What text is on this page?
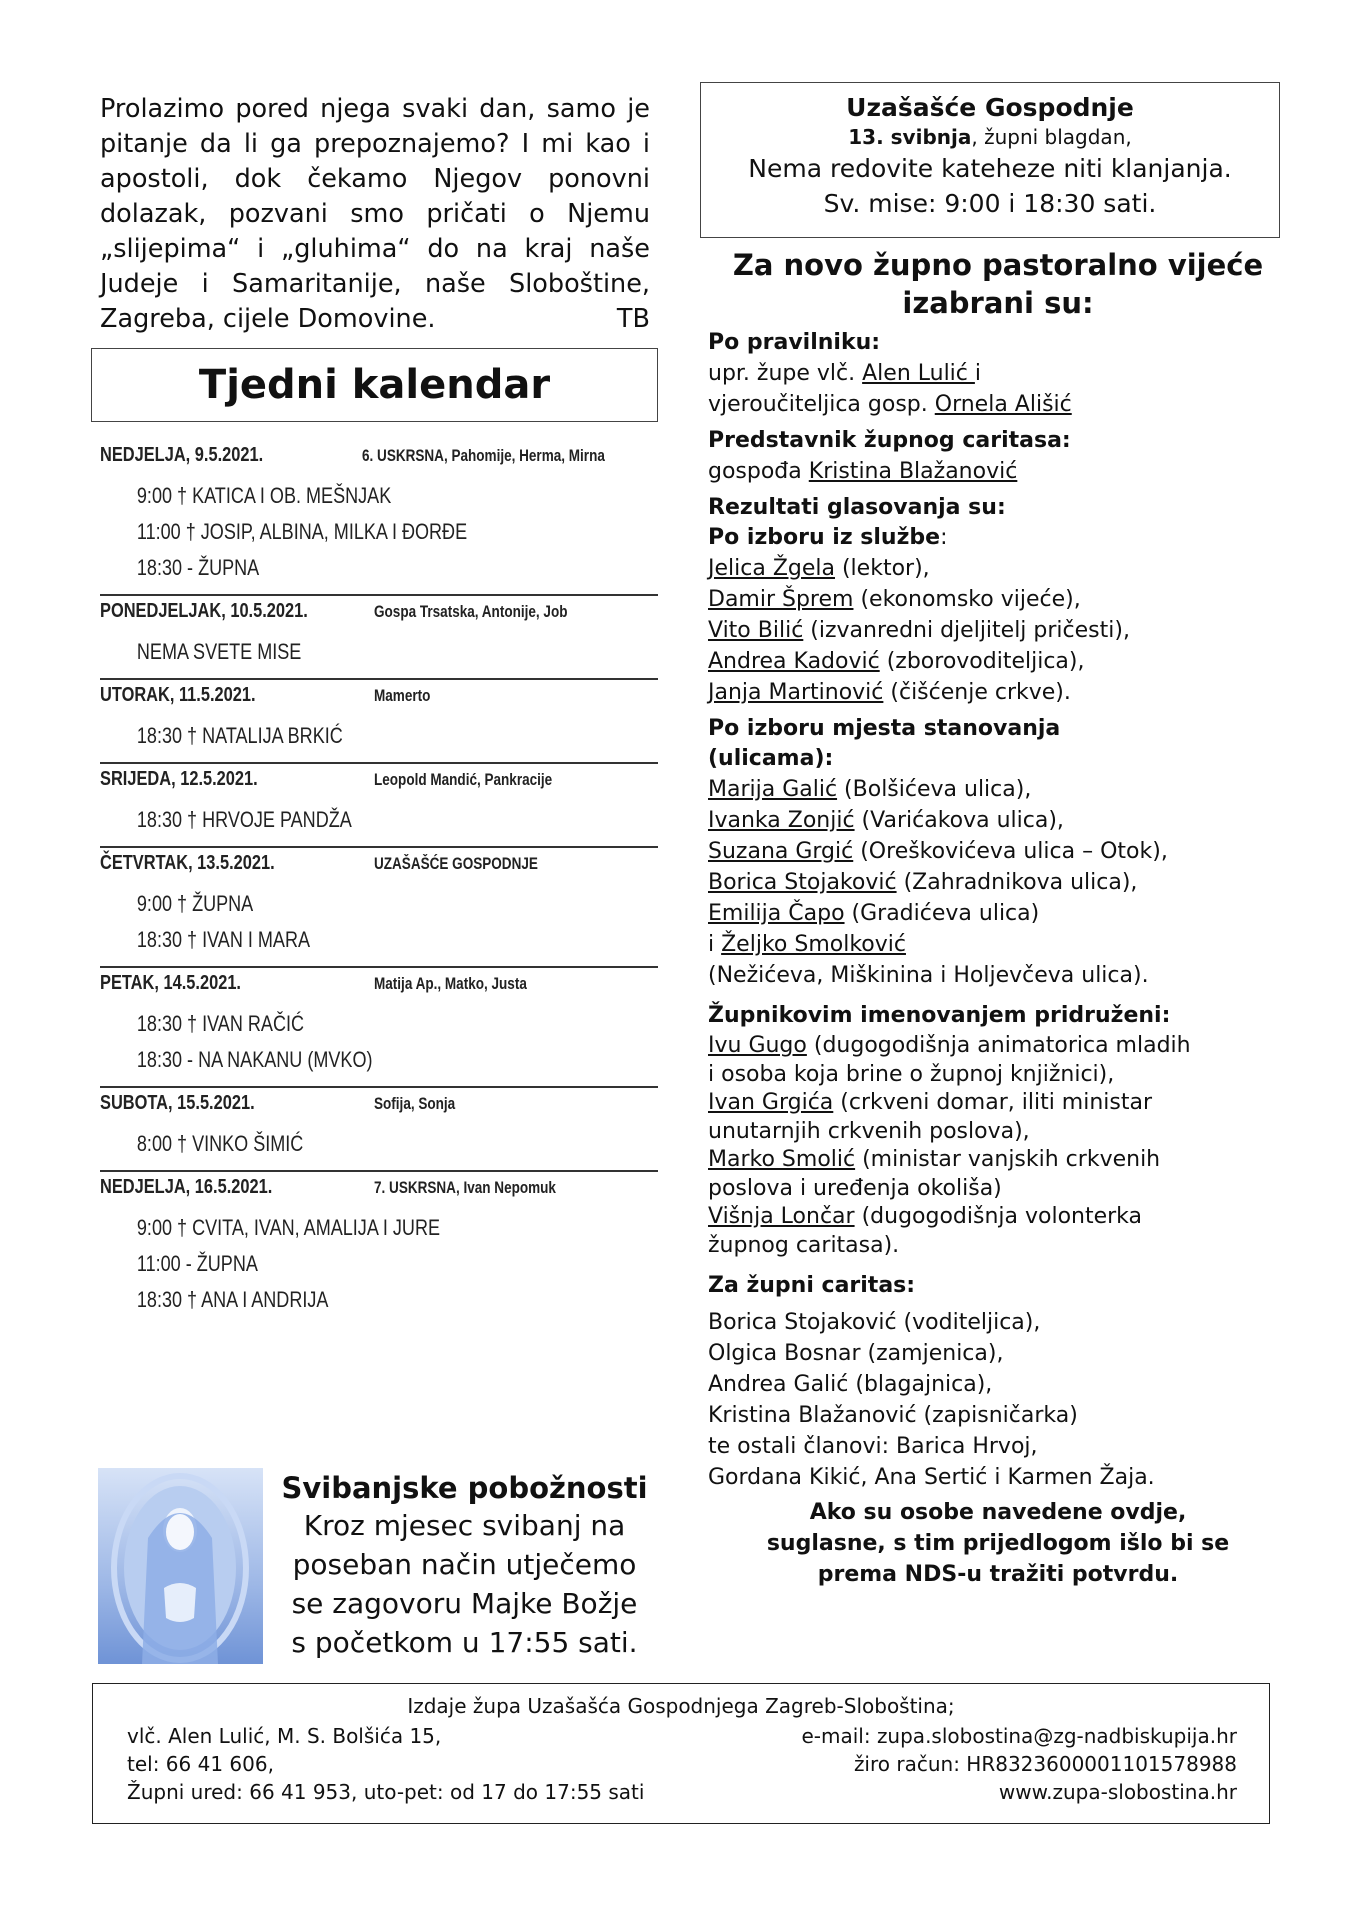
Prolazimo pored njega svaki dan, samo je pitanje da li ga prepoznajemo? I mi kao i apostoli, dok čekamo Njegov ponovni dolazak, pozvani smo pričati o Njemu „slijepima“ i „gluhima“ do na kraj naše Judeje i Samaritanije, naše Sloboštine, Zagreba, cijele Domovine.	TB
Tjedni kalendar
NEDJELJA, 9.5.2021.	6. USKRSNA, Pahomije, Herma, Mirna
9:00 † KATICA I OB. MEŠNJAK
11:00 † JOSIP, ALBINA, MILKA I ĐORĐE
18:30 - ŽUPNA
PONEDJELJAK, 10.5.2021.	Gospa Trsatska, Antonije, Job
NEMA SVETE MISE
UTORAK, 11.5.2021.	Mamerto
18:30 † NATALIJA BRKIĆ
SRIJEDA, 12.5.2021.	Leopold Mandić, Pankracije
18:30 † HRVOJE PANDŽA
ČETVRTAK, 13.5.2021.	UZAŠAŠĆE GOSPODNJE
9:00 † ŽUPNA
18:30 † IVAN I MARA
PETAK, 14.5.2021.	Matija Ap., Matko, Justa
18:30 † IVAN RAČIĆ
18:30 - NA NAKANU (MVKO)
SUBOTA, 15.5.2021.	Sofija, Sonja
8:00 † VINKO ŠIMIĆ
NEDJELJA, 16.5.2021.	7. USKRSNA, Ivan Nepomuk
9:00 † CVITA, IVAN, AMALIJA I JURE
11:00 - ŽUPNA
18:30 † ANA I ANDRIJA
Svibanjske pobožnosti
Kroz mjesec svibanj na
poseban način utječemo
se zagovoru Majke Božje
s početkom u 17:55 sati.
Uzašašće Gospodnje
13. svibnja, župni blagdan,
Nema redovite kateheze niti klanjanja.
Sv. mise: 9:00 i 18:30 sati.
Za novo župno pastoralno vijeće izabrani su:
Po pravilniku:
upr. župe vlč. Alen Lulić i
vjeroučiteljica gosp. Ornela Ališić
Predstavnik župnog caritasa:
gospođa Kristina Blažanović
Rezultati glasovanja su:
Po izboru iz službe:
Jelica Žgela (lektor),
Damir Šprem (ekonomsko vijeće),
Vito Bilić (izvanredni djeljitelj pričesti),
Andrea Kadović (zborovoditeljica),
Janja Martinović (čišćenje crkve).
Po izboru mjesta stanovanja
(ulicama):
Marija Galić (Bolšićeva ulica),
Ivanka Zonjić (Varićakova ulica),
Suzana Grgić (Oreškovićeva ulica – Otok),
Borica Stojaković (Zahradnikova ulica),
Emilija Čapo (Gradićeva ulica)
i Željko Smolković
(Nežićeva, Miškinina i Holjevčeva ulica).
Župnikovim imenovanjem pridruženi:
Ivu Gugo (dugogodišnja animatorica mladih
i osoba koja brine o župnoj knjižnici),
Ivan Grgića (crkveni domar, iliti ministar
unutarnjih crkvenih poslova),
Marko Smolić (ministar vanjskih crkvenih
poslova i uređenja okoliša)
Višnja Lončar (dugogodišnja volonterka
župnog caritasa).
Za župni caritas:
Borica Stojaković (voditeljica),
Olgica Bosnar (zamjenica),
Andrea Galić (blagajnica),
Kristina Blažanović (zapisničarka)
te ostali članovi: Barica Hrvoj,
Gordana Kikić, Ana Sertić i Karmen Žaja.
Ako su osobe navedene ovdje,
suglasne, s tim prijedlogom išlo bi se
prema NDS-u tražiti potvrdu.
Izdaje župa Uzašašća Gospodnjega Zagreb-Sloboština;
vlč. Alen Lulić, M. S. Bolšića 15,	e-mail: zupa.slobostina@zg-nadbiskupija.hr
tel: 66 41 606,	žiro račun: HR8323600001101578988
Župni ured: 66 41 953, uto-pet: od 17 do 17:55 sati	www.zupa-slobostina.hr
